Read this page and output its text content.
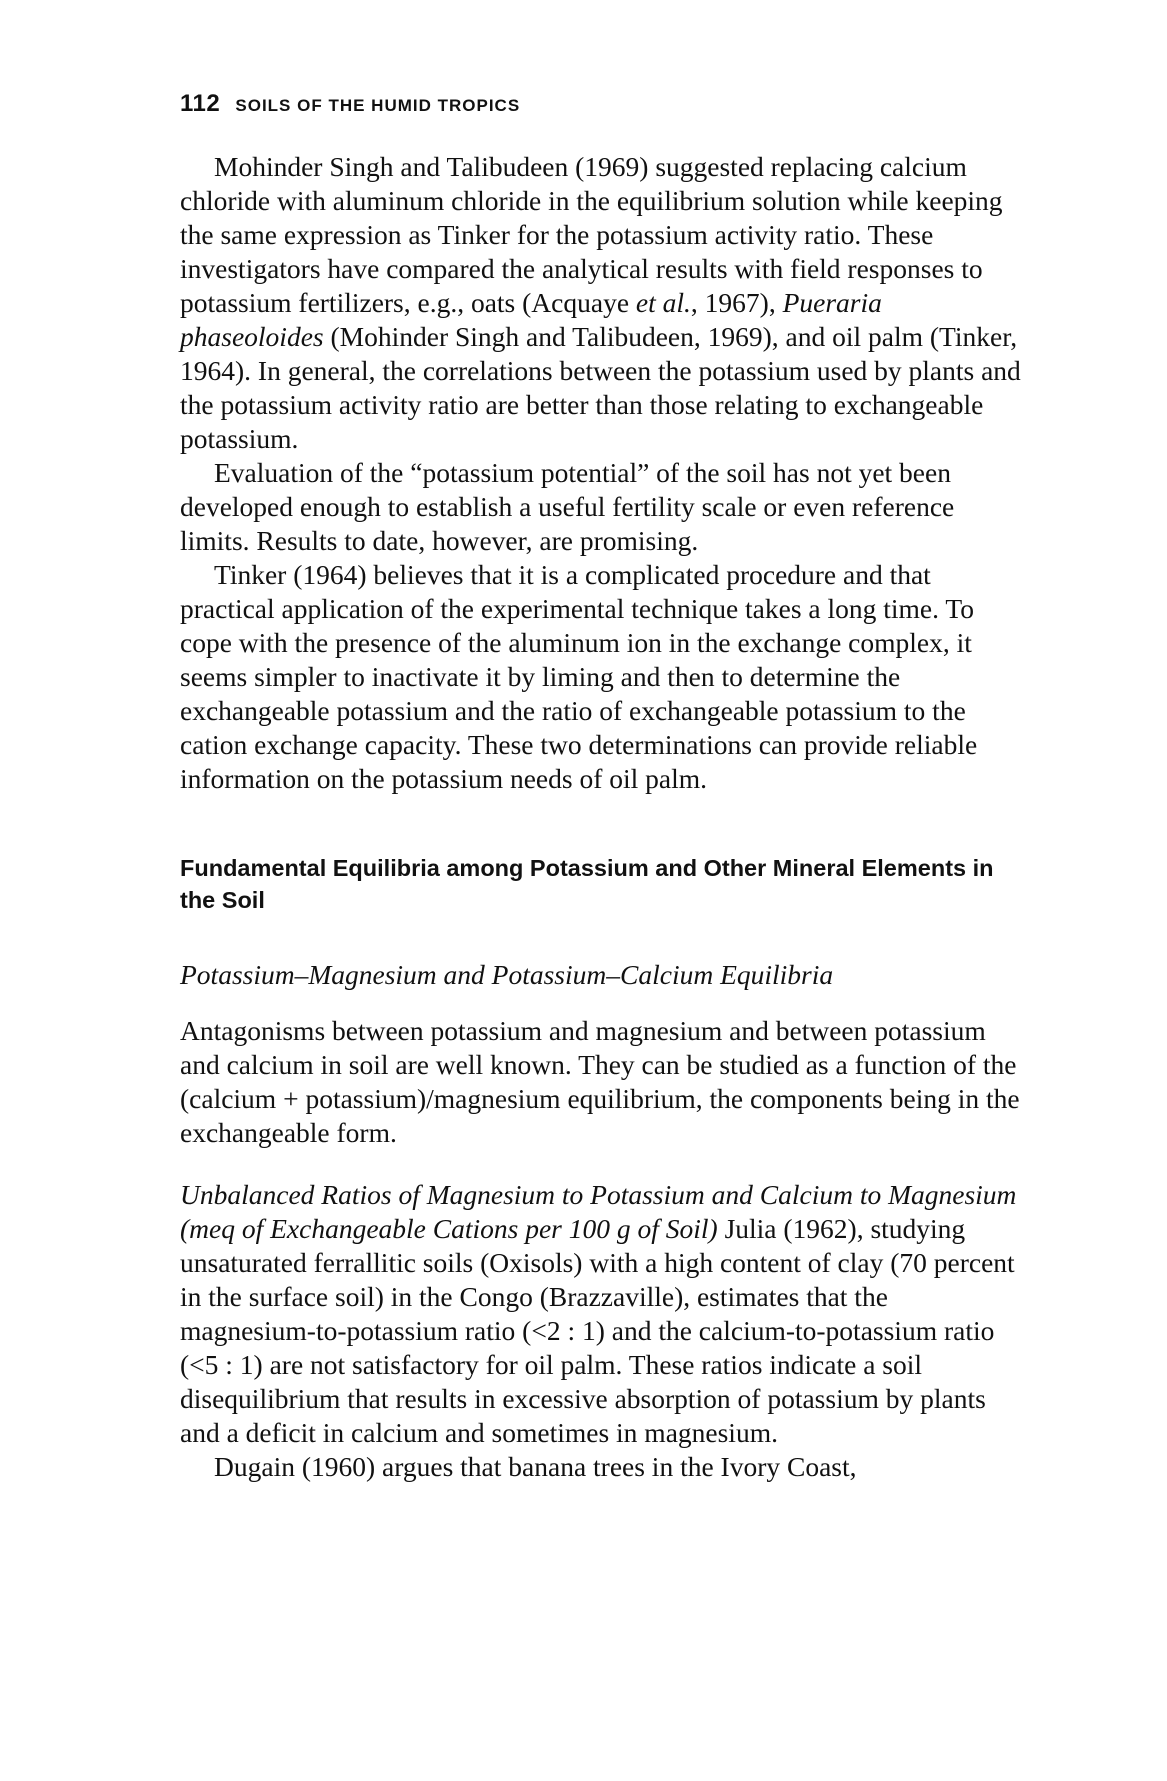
112 SOILS OF THE HUMID TROPICS

Mohinder Singh and Talibudeen (1969) suggested replacing calcium chloride with aluminum chloride in the equilibrium solution while keeping the same expression as Tinker for the potassium activity ratio. These investigators have compared the analytical results with field responses to potassium fertilizers, e.g., oats (Acquaye et al., 1967), Pueraria phaseoloides (Mohinder Singh and Talibudeen, 1969), and oil palm (Tinker, 1964). In general, the correlations between the potassium used by plants and the potassium activity ratio are better than those relating to exchangeable potassium.

Evaluation of the “potassium potential” of the soil has not yet been developed enough to establish a useful fertility scale or even reference limits. Results to date, however, are promising.

Tinker (1964) believes that it is a complicated procedure and that practical application of the experimental technique takes a long time. To cope with the presence of the aluminum ion in the exchange complex, it seems simpler to inactivate it by liming and then to determine the exchangeable potassium and the ratio of exchangeable potassium to the cation exchange capacity. These two determinations can provide reliable information on the potassium needs of oil palm.

Fundamental Equilibria among Potassium and Other Mineral Elements in the Soil
Potassium–Magnesium and Potassium–Calcium Equilibria

Antagonisms between potassium and magnesium and between potassium and calcium in soil are well known. They can be studied as a function of the (calcium + potassium)/magnesium equilibrium, the components being in the exchangeable form.

Unbalanced Ratios of Magnesium to Potassium and Calcium to Magnesium (meq of Exchangeable Cations per 100 g of Soil) Julia (1962), studying unsaturated ferrallitic soils (Oxisols) with a high content of clay (70 percent in the surface soil) in the Congo (Brazzaville), estimates that the magnesium-to-potassium ratio (<2 : 1) and the calcium-to-potassium ratio (<5 : 1) are not satisfactory for oil palm. These ratios indicate a soil disequilibrium that results in excessive absorption of potassium by plants and a deficit in calcium and sometimes in magnesium.

Dugain (1960) argues that banana trees in the Ivory Coast,
